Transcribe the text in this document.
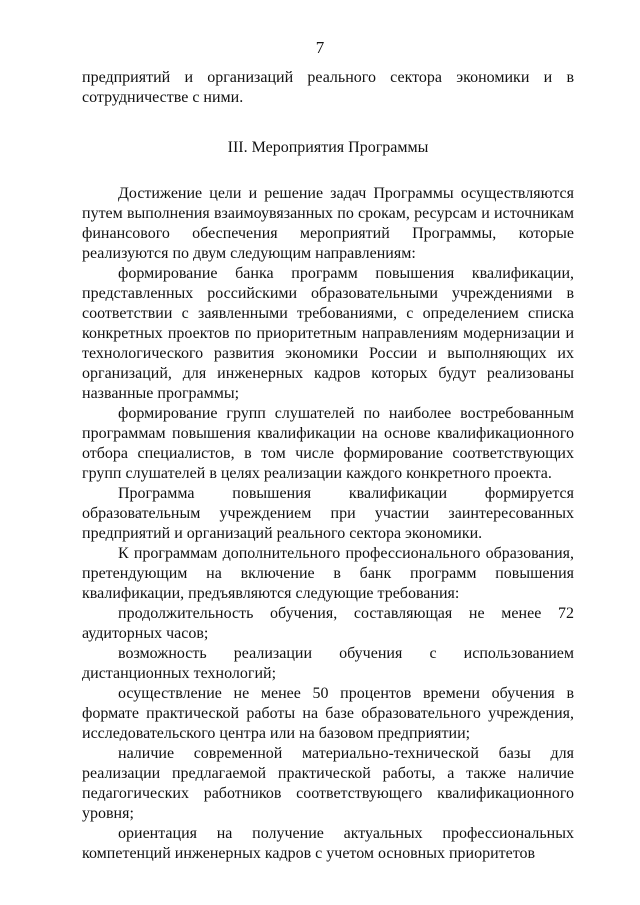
7

предприятий и организаций реального сектора экономики и в сотрудничестве с ними.

III. Мероприятия Программы

Достижение цели и решение задач Программы осуществляются путем выполнения взаимоувязанных по срокам, ресурсам и источникам финансового обеспечения мероприятий Программы, которые реализуются по двум следующим направлениям:

формирование банка программ повышения квалификации, представленных российскими образовательными учреждениями в соответствии с заявленными требованиями, с определением списка конкретных проектов по приоритетным направлениям модернизации и технологического развития экономики России и выполняющих их организаций, для инженерных кадров которых будут реализованы названные программы;

формирование групп слушателей по наиболее востребованным программам повышения квалификации на основе квалификационного отбора специалистов, в том числе формирование соответствующих групп слушателей в целях реализации каждого конкретного проекта.

Программа повышения квалификации формируется образовательным учреждением при участии заинтересованных предприятий и организаций реального сектора экономики.

К программам дополнительного профессионального образования, претендующим на включение в банк программ повышения квалификации, предъявляются следующие требования:

продолжительность обучения, составляющая не менее 72 аудиторных часов;

возможность реализации обучения с использованием дистанционных технологий;

осуществление не менее 50 процентов времени обучения в формате практической работы на базе образовательного учреждения, исследовательского центра или на базовом предприятии;

наличие современной материально-технической базы для реализации предлагаемой практической работы, а также наличие педагогических работников соответствующего квалификационного уровня;

ориентация на получение актуальных профессиональных компетенций инженерных кадров с учетом основных приоритетов
